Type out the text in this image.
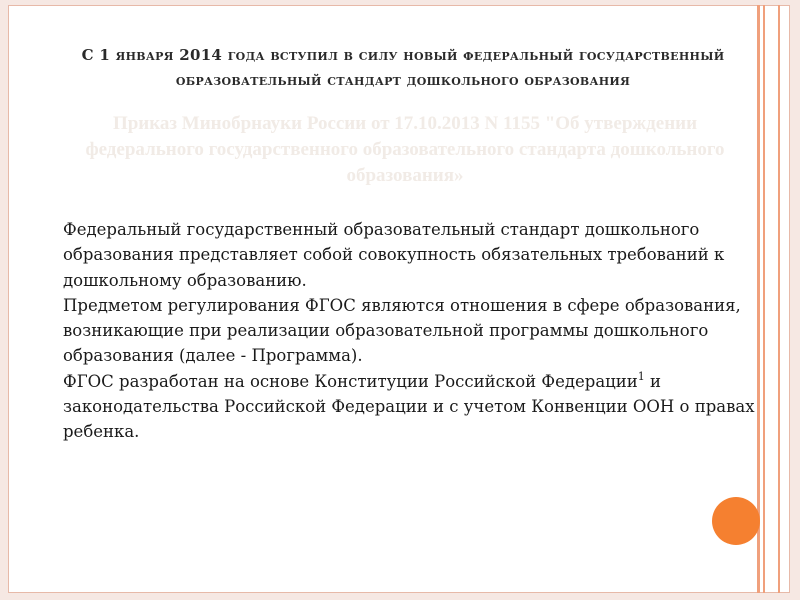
С 1 января 2014 года вступил в силу новый федеральный государственный образовательный стандарт дошкольного образования

Приказ Минобрнауки России от 17.10.2013 N 1155 "Об утверждении федерального государственного образовательного стандарта дошкольного образования»

Федеральный государственный образовательный стандарт дошкольного образования представляет собой совокупность обязательных требований к дошкольному образованию.
Предметом регулирования ФГОС являются отношения в сфере образования, возникающие при реализации образовательной программы дошкольного образования (далее - Программа).
ФГОС разработан на основе Конституции Российской Федерации$^1$ и законодательства Российской Федерации и с учетом Конвенции ООН о правах ребенка.
